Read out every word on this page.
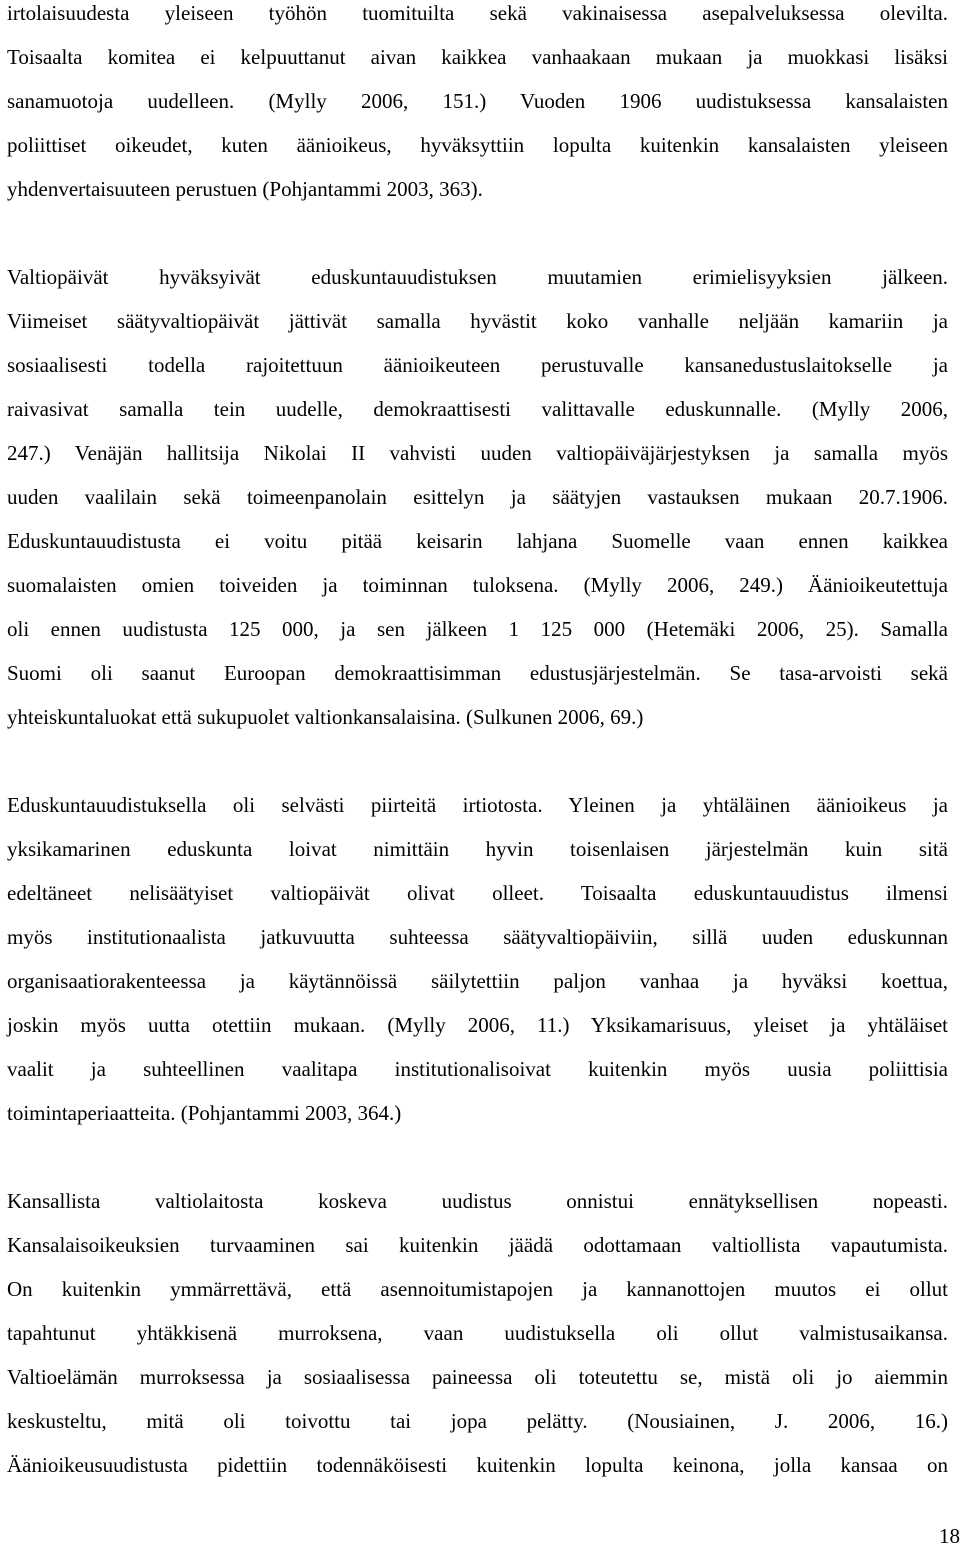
irtolaisuudesta yleiseen työhön tuomituilta sekä vakinaisessa asepalveluksessa olevilta.
Toisaalta komitea ei kelpuuttanut aivan kaikkea vanhaakaan mukaan ja muokkasi lisäksi
sanamuotoja uudelleen. (Mylly 2006, 151.) Vuoden 1906 uudistuksessa kansalaisten
poliittiset oikeudet, kuten äänioikeus, hyväksyttiin lopulta kuitenkin kansalaisten yleiseen
yhdenvertaisuuteen perustuen (Pohjantammi 2003, 363).
Valtiopäivät hyväksyivät eduskuntauudistuksen muutamien erimielisyyksien jälkeen.
Viimeiset säätyvaltiopäivät jättivät samalla hyvästit koko vanhalle neljään kamariin ja
sosiaalisesti todella rajoitettuun äänioikeuteen perustuvalle kansanedustuslaitokselle ja
raivasivat samalla tein uudelle, demokraattisesti valittavalle eduskunnalle. (Mylly 2006,
247.) Venäjän hallitsija Nikolai II vahvisti uuden valtiopäiväjärjestyksen ja samalla myös
uuden vaalilain sekä toimeenpanolain esittelyn ja säätyjen vastauksen mukaan 20.7.1906.
Eduskuntauudistusta ei voitu pitää keisarin lahjana Suomelle vaan ennen kaikkea
suomalaisten omien toiveiden ja toiminnan tuloksena. (Mylly 2006, 249.) Äänioikeutettuja
oli ennen uudistusta 125 000, ja sen jälkeen 1 125 000 (Hetemäki 2006, 25). Samalla
Suomi oli saanut Euroopan demokraattisimman edustusjärjestelmän. Se tasa-arvoisti sekä
yhteiskuntaluokat että sukupuolet valtionkansalaisina. (Sulkunen 2006, 69.)
Eduskuntauudistuksella oli selvästi piirteitä irtiotosta. Yleinen ja yhtäläinen äänioikeus ja
yksikamarinen eduskunta loivat nimittäin hyvin toisenlaisen järjestelmän kuin sitä
edeltäneet nelisäätyiset valtiopäivät olivat olleet. Toisaalta eduskuntauudistus ilmensi
myös institutionaalista jatkuvuutta suhteessa säätyvaltiopäiviin, sillä uuden eduskunnan
organisaatiorakenteessa ja käytännöissä säilytettiin paljon vanhaa ja hyväksi koettua,
joskin myös uutta otettiin mukaan. (Mylly 2006, 11.) Yksikamarisuus, yleiset ja yhtäläiset
vaalit ja suhteellinen vaalitapa institutionalisoivat kuitenkin myös uusia poliittisia
toimintaperiaatteita. (Pohjantammi 2003, 364.)
Kansallista valtiolaitosta koskeva uudistus onnistui ennätyksellisen nopeasti.
Kansalaisoikeuksien turvaaminen sai kuitenkin jäädä odottamaan valtiollista vapautumista.
On kuitenkin ymmärrettävä, että asennoitumistapojen ja kannanottojen muutos ei ollut
tapahtunut yhtäkkisenä murroksena, vaan uudistuksella oli ollut valmistusaikansa.
Valtioelämän murroksessa ja sosiaalisessa paineessa oli toteutettu se, mistä oli jo aiemmin
keskusteltu, mitä oli toivottu tai jopa pelätty. (Nousiainen, J. 2006, 16.)
Äänioikeusuudistusta pidettiin todennäköisesti kuitenkin lopulta keinona, jolla kansaa on
18
